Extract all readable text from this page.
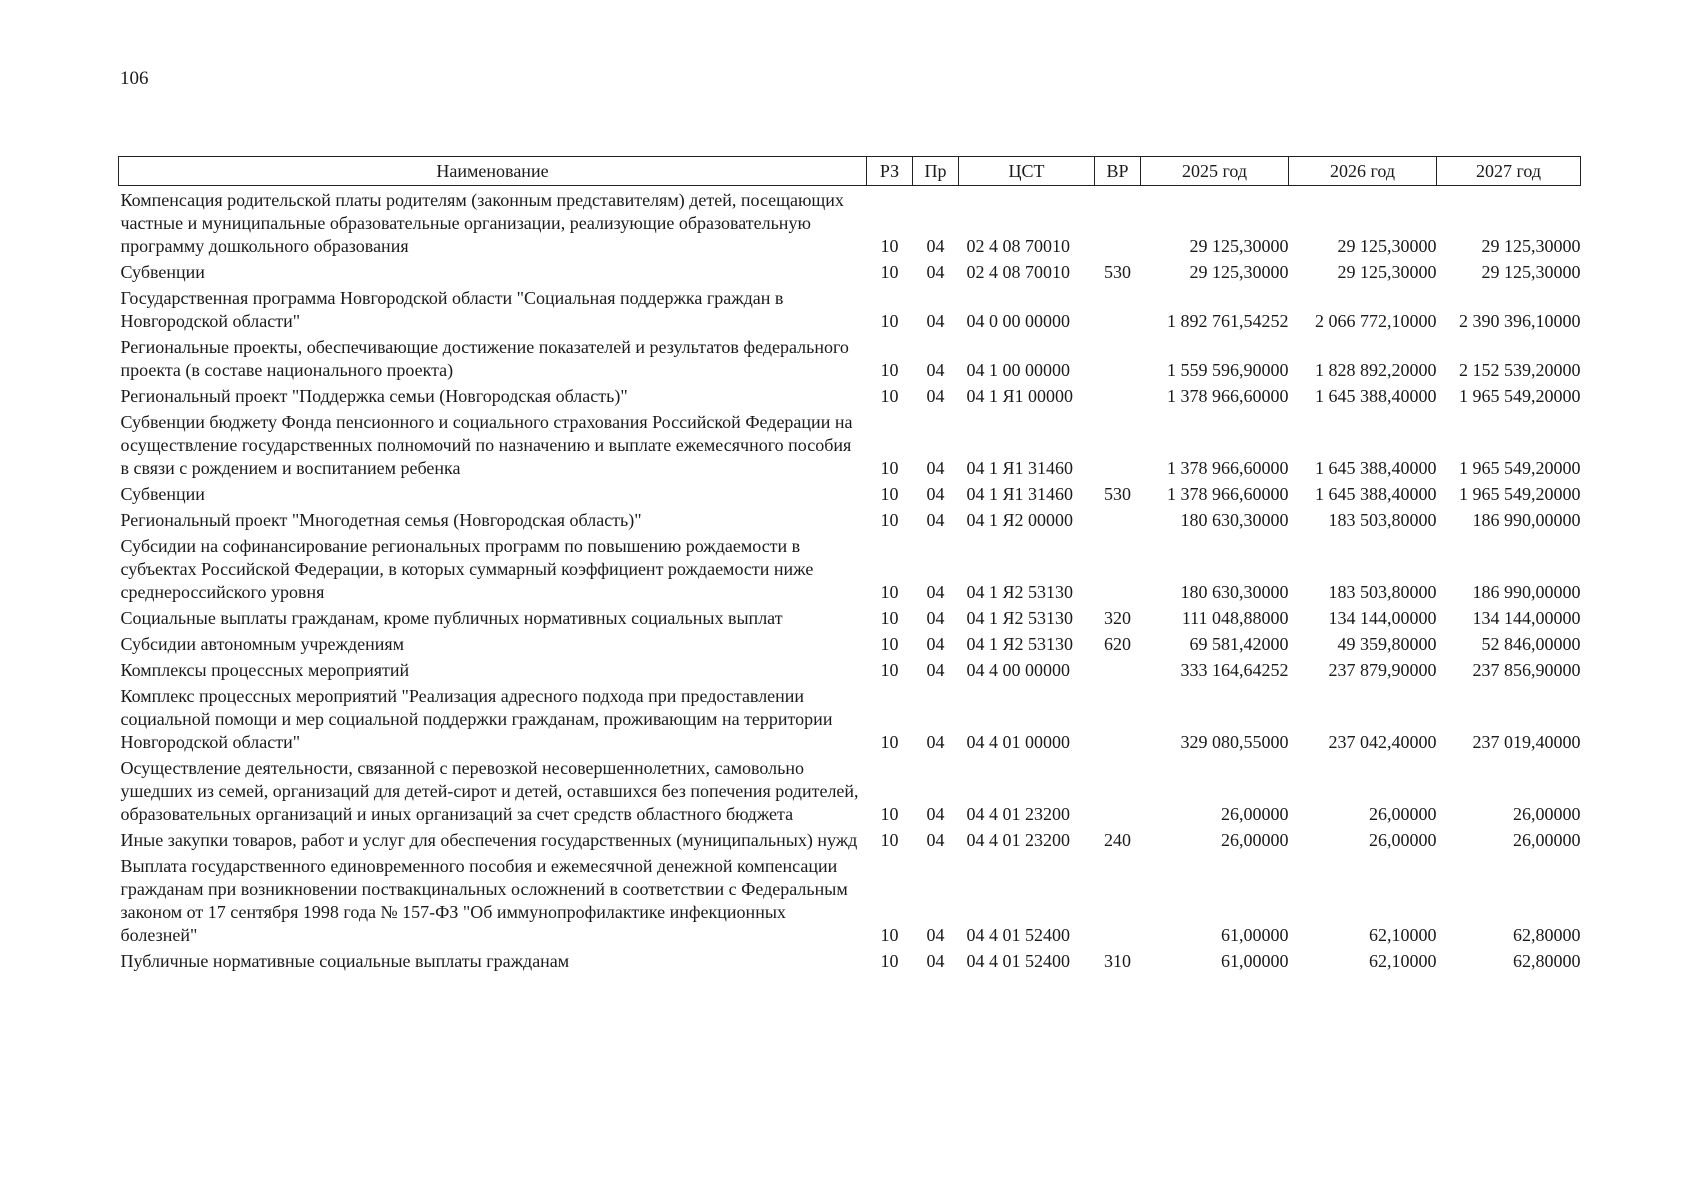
106
Наименование	РЗ	Пр	ЦСТ	ВР	2025 год	2026 год	2027 год
Компенсация родительской платы родителям (законным представителям) детей, посещающих частные и муниципальные образовательные организации, реализующие образовательную программу дошкольного образования	10	04	02 4 08 70010		29 125,30000	29 125,30000	29 125,30000
Субвенции	10	04	02 4 08 70010	530	29 125,30000	29 125,30000	29 125,30000
Государственная программа Новгородской области "Социальная поддержка граждан в Новгородской области"	10	04	04 0 00 00000		1 892 761,54252	2 066 772,10000	2 390 396,10000
Региональные проекты, обеспечивающие достижение показателей и результатов федерального проекта (в составе национального проекта)	10	04	04 1 00 00000		1 559 596,90000	1 828 892,20000	2 152 539,20000
Региональный проект "Поддержка семьи (Новгородская область)"	10	04	04 1 Я1 00000		1 378 966,60000	1 645 388,40000	1 965 549,20000
Субвенции бюджету Фонда пенсионного и социального страхования Российской Федерации на осуществление государственных полномочий по назначению и выплате ежемесячного пособия в связи с рождением и воспитанием ребенка	10	04	04 1 Я1 31460		1 378 966,60000	1 645 388,40000	1 965 549,20000
Субвенции	10	04	04 1 Я1 31460	530	1 378 966,60000	1 645 388,40000	1 965 549,20000
Региональный проект "Многодетная семья (Новгородская область)"	10	04	04 1 Я2 00000		180 630,30000	183 503,80000	186 990,00000
Субсидии на софинансирование региональных программ по повышению рождаемости в субъектах Российской Федерации, в которых суммарный коэффициент рождаемости ниже среднероссийского уровня	10	04	04 1 Я2 53130		180 630,30000	183 503,80000	186 990,00000
Социальные выплаты гражданам, кроме публичных нормативных социальных выплат	10	04	04 1 Я2 53130	320	111 048,88000	134 144,00000	134 144,00000
Субсидии автономным учреждениям	10	04	04 1 Я2 53130	620	69 581,42000	49 359,80000	52 846,00000
Комплексы процессных мероприятий	10	04	04 4 00 00000		333 164,64252	237 879,90000	237 856,90000
Комплекс процессных мероприятий "Реализация адресного подхода при предоставлении социальной помощи и мер социальной поддержки гражданам, проживающим на территории Новгородской области"	10	04	04 4 01 00000		329 080,55000	237 042,40000	237 019,40000
Осуществление деятельности, связанной с перевозкой несовершеннолетних, самовольно ушедших из семей, организаций для детей-сирот и детей, оставшихся без попечения родителей, образовательных организаций и иных организаций за счет средств областного бюджета	10	04	04 4 01 23200		26,00000	26,00000	26,00000
Иные закупки товаров, работ и услуг для обеспечения государственных (муниципальных) нужд	10	04	04 4 01 23200	240	26,00000	26,00000	26,00000
Выплата государственного единовременного пособия и ежемесячной денежной компенсации гражданам при возникновении поствакцинальных осложнений в соответствии с Федеральным законом от 17 сентября 1998 года № 157-ФЗ "Об иммунопрофилактике инфекционных болезней"	10	04	04 4 01 52400		61,00000	62,10000	62,80000
Публичные нормативные социальные выплаты гражданам	10	04	04 4 01 52400	310	61,00000	62,10000	62,80000
